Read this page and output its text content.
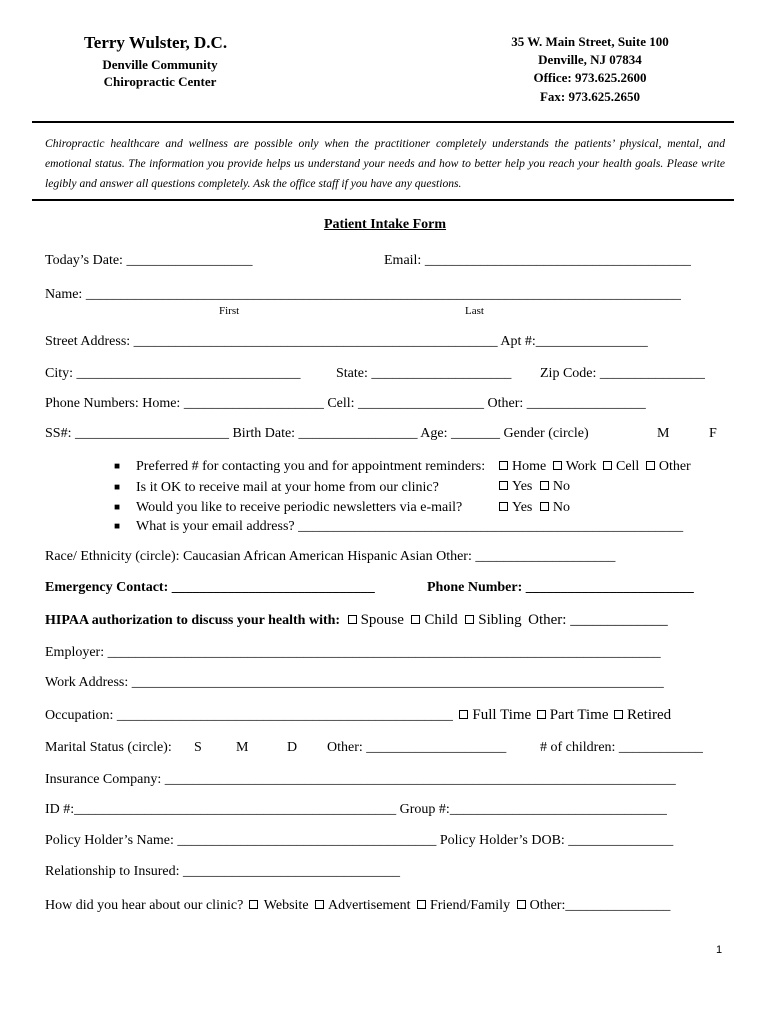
Terry Wulster, D.C.
Denville Community
Chiropractic Center
35 W. Main Street, Suite 100
Denville, NJ 07834
Office: 973.625.2600
Fax: 973.625.2650
Chiropractic healthcare and wellness are possible only when the practitioner completely understands the patients’ physical, mental, and emotional status. The information you provide helps us understand your needs and how to better help you reach your health goals. Please write legibly and answer all questions completely. Ask the office staff if you have any questions.
Patient Intake Form
Today’s Date: __________________	Email: ______________________________________
Name: _____________________________________________________________________________________
First	Last
Street Address: ____________________________________________________ Apt #:________________
City: ________________________________	State: ____________________ Zip Code: _______________
Phone Numbers: Home: ____________________ Cell: __________________ Other: _________________
SS#: ______________________ Birth Date: _________________ Age: _______ Gender (circle)	M	F
■ Preferred # for contacting you and for appointment reminders:	Home Work Cell Other
■ Is it OK to receive mail at your home from our clinic?	Yes No
■ Would you like to receive periodic newsletters via e-mail?	Yes No
■ What is your email address? _______________________________________________________
Race/ Ethnicity (circle): Caucasian African American Hispanic Asian Other: ____________________
Emergency Contact: _____________________________	Phone Number: ________________________
HIPAA authorization to discuss your health with: Spouse Child Sibling Other: _____________
Employer: _______________________________________________________________________________
Work Address: ____________________________________________________________________________
Occupation: ________________________________________________ Full Time Part Time Retired
Marital Status (circle): S M	D Other: ____________________ # of children: ____________
Insurance Company: _________________________________________________________________________
ID #:______________________________________________ Group #:_______________________________
Policy Holder’s Name: _____________________________________ Policy Holder’s DOB: _______________
Relationship to Insured: _______________________________
How did you hear about our clinic? Website Advertisement Friend/Family Other:_______________
1
